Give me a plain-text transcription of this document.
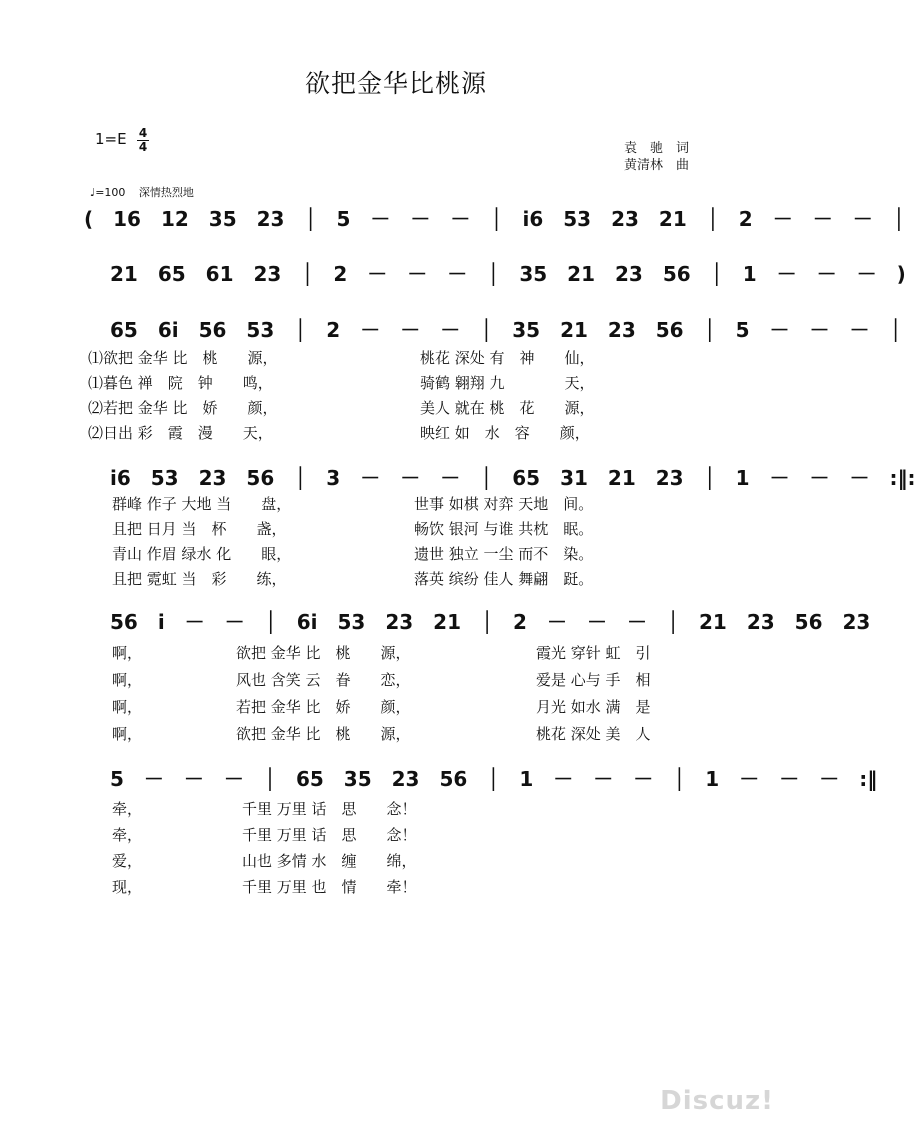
欲把金华比桃源
1=E 4
4	袁　驰　词
黄清林　曲
♩=100 深情热烈地
(　16　12　35　23　│　5　－　－　－　│　i6　53　23　21　│　2　－　－　－　│
21　65　61　23　│　2　－　－　－　│　35　21　23　56　│　1　－　－　－　)
65　6i　56　53　│　2　－　－　－　│　35　21　23　56　│　5　－　－　－　│
i6　53　23　56　│　3　－　－　－　│　65　31　21　23　│　1　－　－　－　:‖:
56　i　－　－　│　6i　53　23　21　│　2　－　－　－　│　21　23　56　23
5　－　－　－　│　65　35　23　56　│　1　－　－　－　│　1　－　－　－　:‖
⑴欲把 金华 比　桃　　源，
⑴暮色 禅　院　钟　　鸣，
⑵若把 金华 比　娇　　颜，
⑵日出 彩　霞　漫　　天，
桃花 深处 有　神　　仙，
骑鹤 翱翔 九　　　　天，
美人 就在 桃　花　　源，
映红 如　水　容　　颜，
群峰 作子 大地 当　　盘，
且把 日月 当　杯　　盏，
青山 作眉 绿水 化　　眼，
且把 霓虹 当　彩　　练，
世事 如棋 对弈 天地　间。
畅饮 银河 与谁 共枕　眠。
遗世 独立 一尘 而不　染。
落英 缤纷 佳人 舞翩　跹。
啊，
啊，
啊，
啊，
欲把 金华 比　桃　　源，
风也 含笑 云　眷　　恋，
若把 金华 比　娇　　颜，
欲把 金华 比　桃　　源，
霞光 穿针 虹　引
爱是 心与 手　相
月光 如水 满　是
桃花 深处 美　人
牵，
牵，
爱，
现，
千里 万里 话　思　　念！
千里 万里 话　思　　念！
山也 多情 水　缠　　绵，
千里 万里 也　情　　牵！
Discuz!
